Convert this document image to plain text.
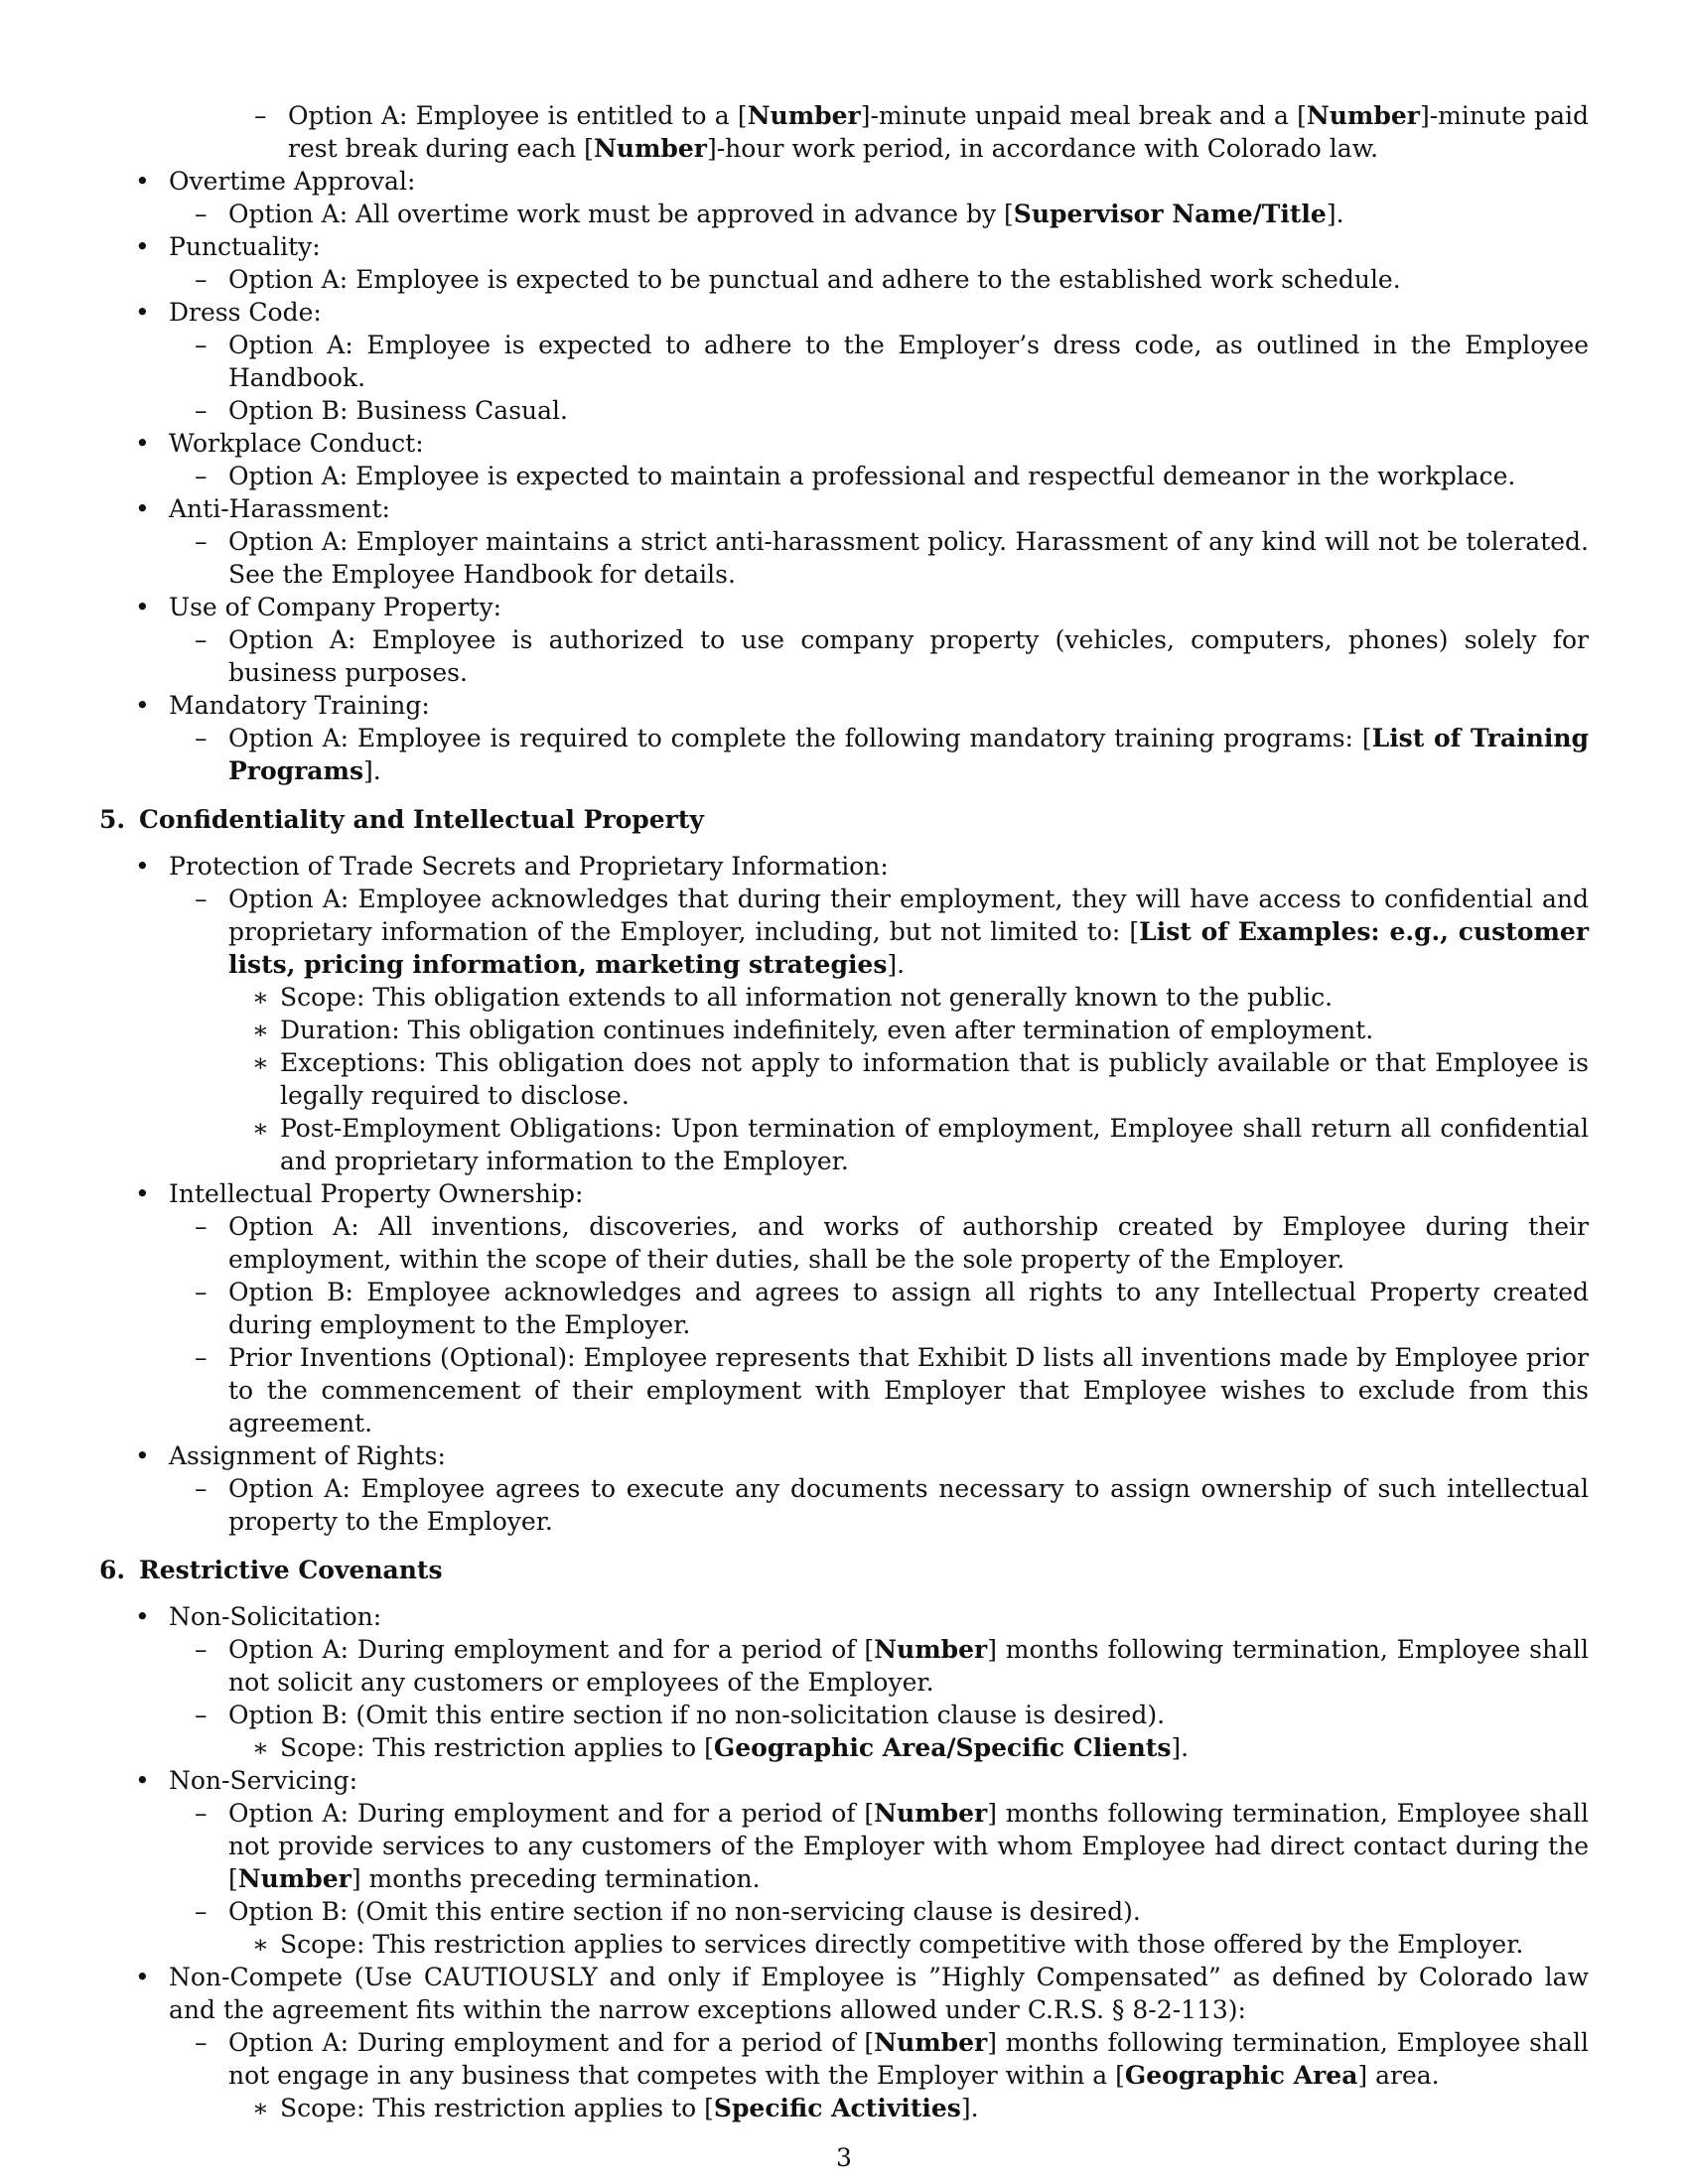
– Option A: Employee is entitled to a [Number]-minute unpaid meal break and a [Number]-minute paid rest break during each [Number]-hour work period, in accordance with Colorado law.
• Overtime Approval:
– Option A: All overtime work must be approved in advance by [Supervisor Name/Title].
• Punctuality:
– Option A: Employee is expected to be punctual and adhere to the established work schedule.
• Dress Code:
– Option A: Employee is expected to adhere to the Employer’s dress code, as outlined in the Employee Handbook.
– Option B: Business Casual.
• Workplace Conduct:
– Option A: Employee is expected to maintain a professional and respectful demeanor in the workplace.
• Anti-Harassment:
– Option A: Employer maintains a strict anti-harassment policy. Harassment of any kind will not be tolerated. See the Employee Handbook for details.
• Use of Company Property:
– Option A: Employee is authorized to use company property (vehicles, computers, phones) solely for business purposes.
• Mandatory Training:
– Option A: Employee is required to complete the following mandatory training programs: [List of Training Programs].
5. Confidentiality and Intellectual Property
• Protection of Trade Secrets and Proprietary Information:
– Option A: Employee acknowledges that during their employment, they will have access to confidential and proprietary information of the Employer, including, but not limited to: [List of Examples: e.g., customer lists, pricing information, marketing strategies].
∗ Scope: This obligation extends to all information not generally known to the public.
∗ Duration: This obligation continues indefinitely, even after termination of employment.
∗ Exceptions: This obligation does not apply to information that is publicly available or that Employee is legally required to disclose.
∗ Post-Employment Obligations: Upon termination of employment, Employee shall return all confidential and proprietary information to the Employer.
• Intellectual Property Ownership:
– Option A: All inventions, discoveries, and works of authorship created by Employee during their employment, within the scope of their duties, shall be the sole property of the Employer.
– Option B: Employee acknowledges and agrees to assign all rights to any Intellectual Property created during employment to the Employer.
– Prior Inventions (Optional): Employee represents that Exhibit D lists all inventions made by Employee prior to the commencement of their employment with Employer that Employee wishes to exclude from this agreement.
• Assignment of Rights:
– Option A: Employee agrees to execute any documents necessary to assign ownership of such intellectual property to the Employer.
6. Restrictive Covenants
• Non-Solicitation:
– Option A: During employment and for a period of [Number] months following termination, Employee shall not solicit any customers or employees of the Employer.
– Option B: (Omit this entire section if no non-solicitation clause is desired).
∗ Scope: This restriction applies to [Geographic Area/Specific Clients].
• Non-Servicing:
– Option A: During employment and for a period of [Number] months following termination, Employee shall not provide services to any customers of the Employer with whom Employee had direct contact during the [Number] months preceding termination.
– Option B: (Omit this entire section if no non-servicing clause is desired).
∗ Scope: This restriction applies to services directly competitive with those offered by the Employer.
• Non-Compete (Use CAUTIOUSLY and only if Employee is ”Highly Compensated” as defined by Colorado law and the agreement fits within the narrow exceptions allowed under C.R.S. § 8-2-113):
– Option A: During employment and for a period of [Number] months following termination, Employee shall not engage in any business that competes with the Employer within a [Geographic Area] area.
∗ Scope: This restriction applies to [Specific Activities].
3
